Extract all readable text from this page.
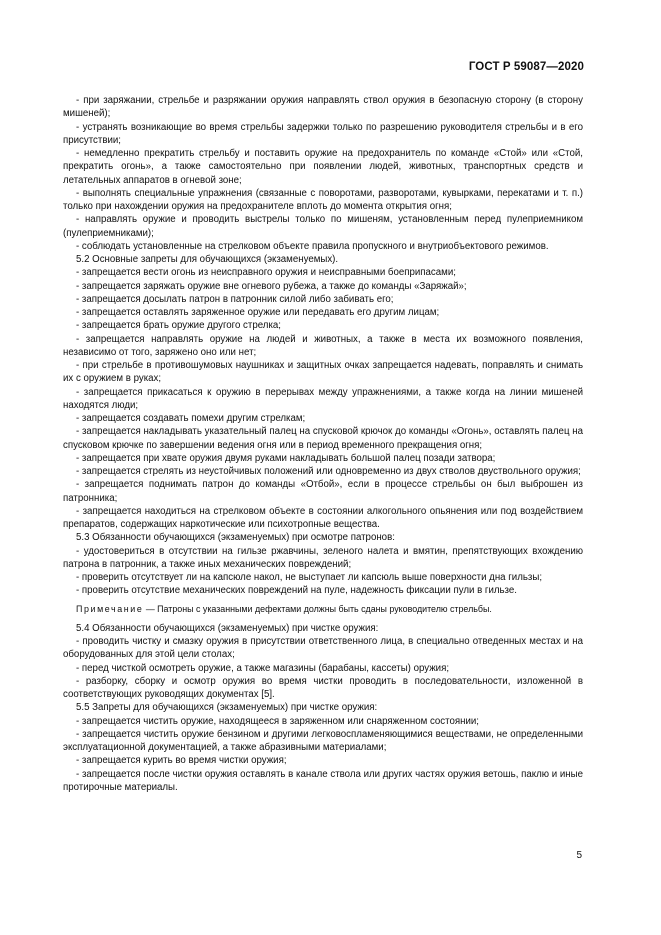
ГОСТ Р 59087—2020

- при заряжании, стрельбе и разряжании оружия направлять ствол оружия в безопасную сторону (в сторону мишеней);

- устранять возникающие во время стрельбы задержки только по разрешению руководителя стрельбы и в его присутствии;

- немедленно прекратить стрельбу и поставить оружие на предохранитель по команде «Стой» или «Стой, прекратить огонь», а также самостоятельно при появлении людей, животных, транспортных средств и летательных аппаратов в огневой зоне;

- выполнять специальные упражнения (связанные с поворотами, разворотами, кувырками, перекатами и т. п.) только при нахождении оружия на предохранителе вплоть до момента открытия огня;

- направлять оружие и проводить выстрелы только по мишеням, установленным перед пулеприемником (пулеприемниками);

- соблюдать установленные на стрелковом объекте правила пропускного и внутриобъектового режимов.

5.2 Основные запреты для обучающихся (экзаменуемых).

- запрещается вести огонь из неисправного оружия и неисправными боеприпасами;

- запрещается заряжать оружие вне огневого рубежа, а также до команды «Заряжай»;

- запрещается досылать патрон в патронник силой либо забивать его;

- запрещается оставлять заряженное оружие или передавать его другим лицам;

- запрещается брать оружие другого стрелка;

- запрещается направлять оружие на людей и животных, а также в места их возможного появления, независимо от того, заряжено оно или нет;

- при стрельбе в противошумовых наушниках и защитных очках запрещается надевать, поправлять и снимать их с оружием в руках;

- запрещается прикасаться к оружию в перерывах между упражнениями, а также когда на линии мишеней находятся люди;

- запрещается создавать помехи другим стрелкам;

- запрещается накладывать указательный палец на спусковой крючок до команды «Огонь», оставлять палец на спусковом крючке по завершении ведения огня или в период временного прекращения огня;

- запрещается при хвате оружия двумя руками накладывать большой палец позади затвора;

- запрещается стрелять из неустойчивых положений или одновременно из двух стволов двуствольного оружия;

- запрещается поднимать патрон до команды «Отбой», если в процессе стрельбы он был выброшен из патронника;

- запрещается находиться на стрелковом объекте в состоянии алкогольного опьянения или под воздействием препаратов, содержащих наркотические или психотропные вещества.

5.3 Обязанности обучающихся (экзаменуемых) при осмотре патронов:

- удостовериться в отсутствии на гильзе ржавчины, зеленого налета и вмятин, препятствующих вхождению патрона в патронник, а также иных механических повреждений;

- проверить отсутствует ли на капсюле накол, не выступает ли капсюль выше поверхности дна гильзы;

- проверить отсутствие механических повреждений на пуле, надежность фиксации пули в гильзе.

Примечание — Патроны с указанными дефектами должны быть сданы руководителю стрельбы.

5.4 Обязанности обучающихся (экзаменуемых) при чистке оружия:

- проводить чистку и смазку оружия в присутствии ответственного лица, в специально отведенных местах и на оборудованных для этой цели столах;

- перед чисткой осмотреть оружие, а также магазины (барабаны, кассеты) оружия;

- разборку, сборку и осмотр оружия во время чистки проводить в последовательности, изложенной в соответствующих руководящих документах [5].

5.5 Запреты для обучающихся (экзаменуемых) при чистке оружия:

- запрещается чистить оружие, находящееся в заряженном или снаряженном состоянии;

- запрещается чистить оружие бензином и другими легковоспламеняющимися веществами, не определенными эксплуатационной документацией, а также абразивными материалами;

- запрещается курить во время чистки оружия;

- запрещается после чистки оружия оставлять в канале ствола или других частях оружия ветошь, паклю и иные протирочные материалы.

5
